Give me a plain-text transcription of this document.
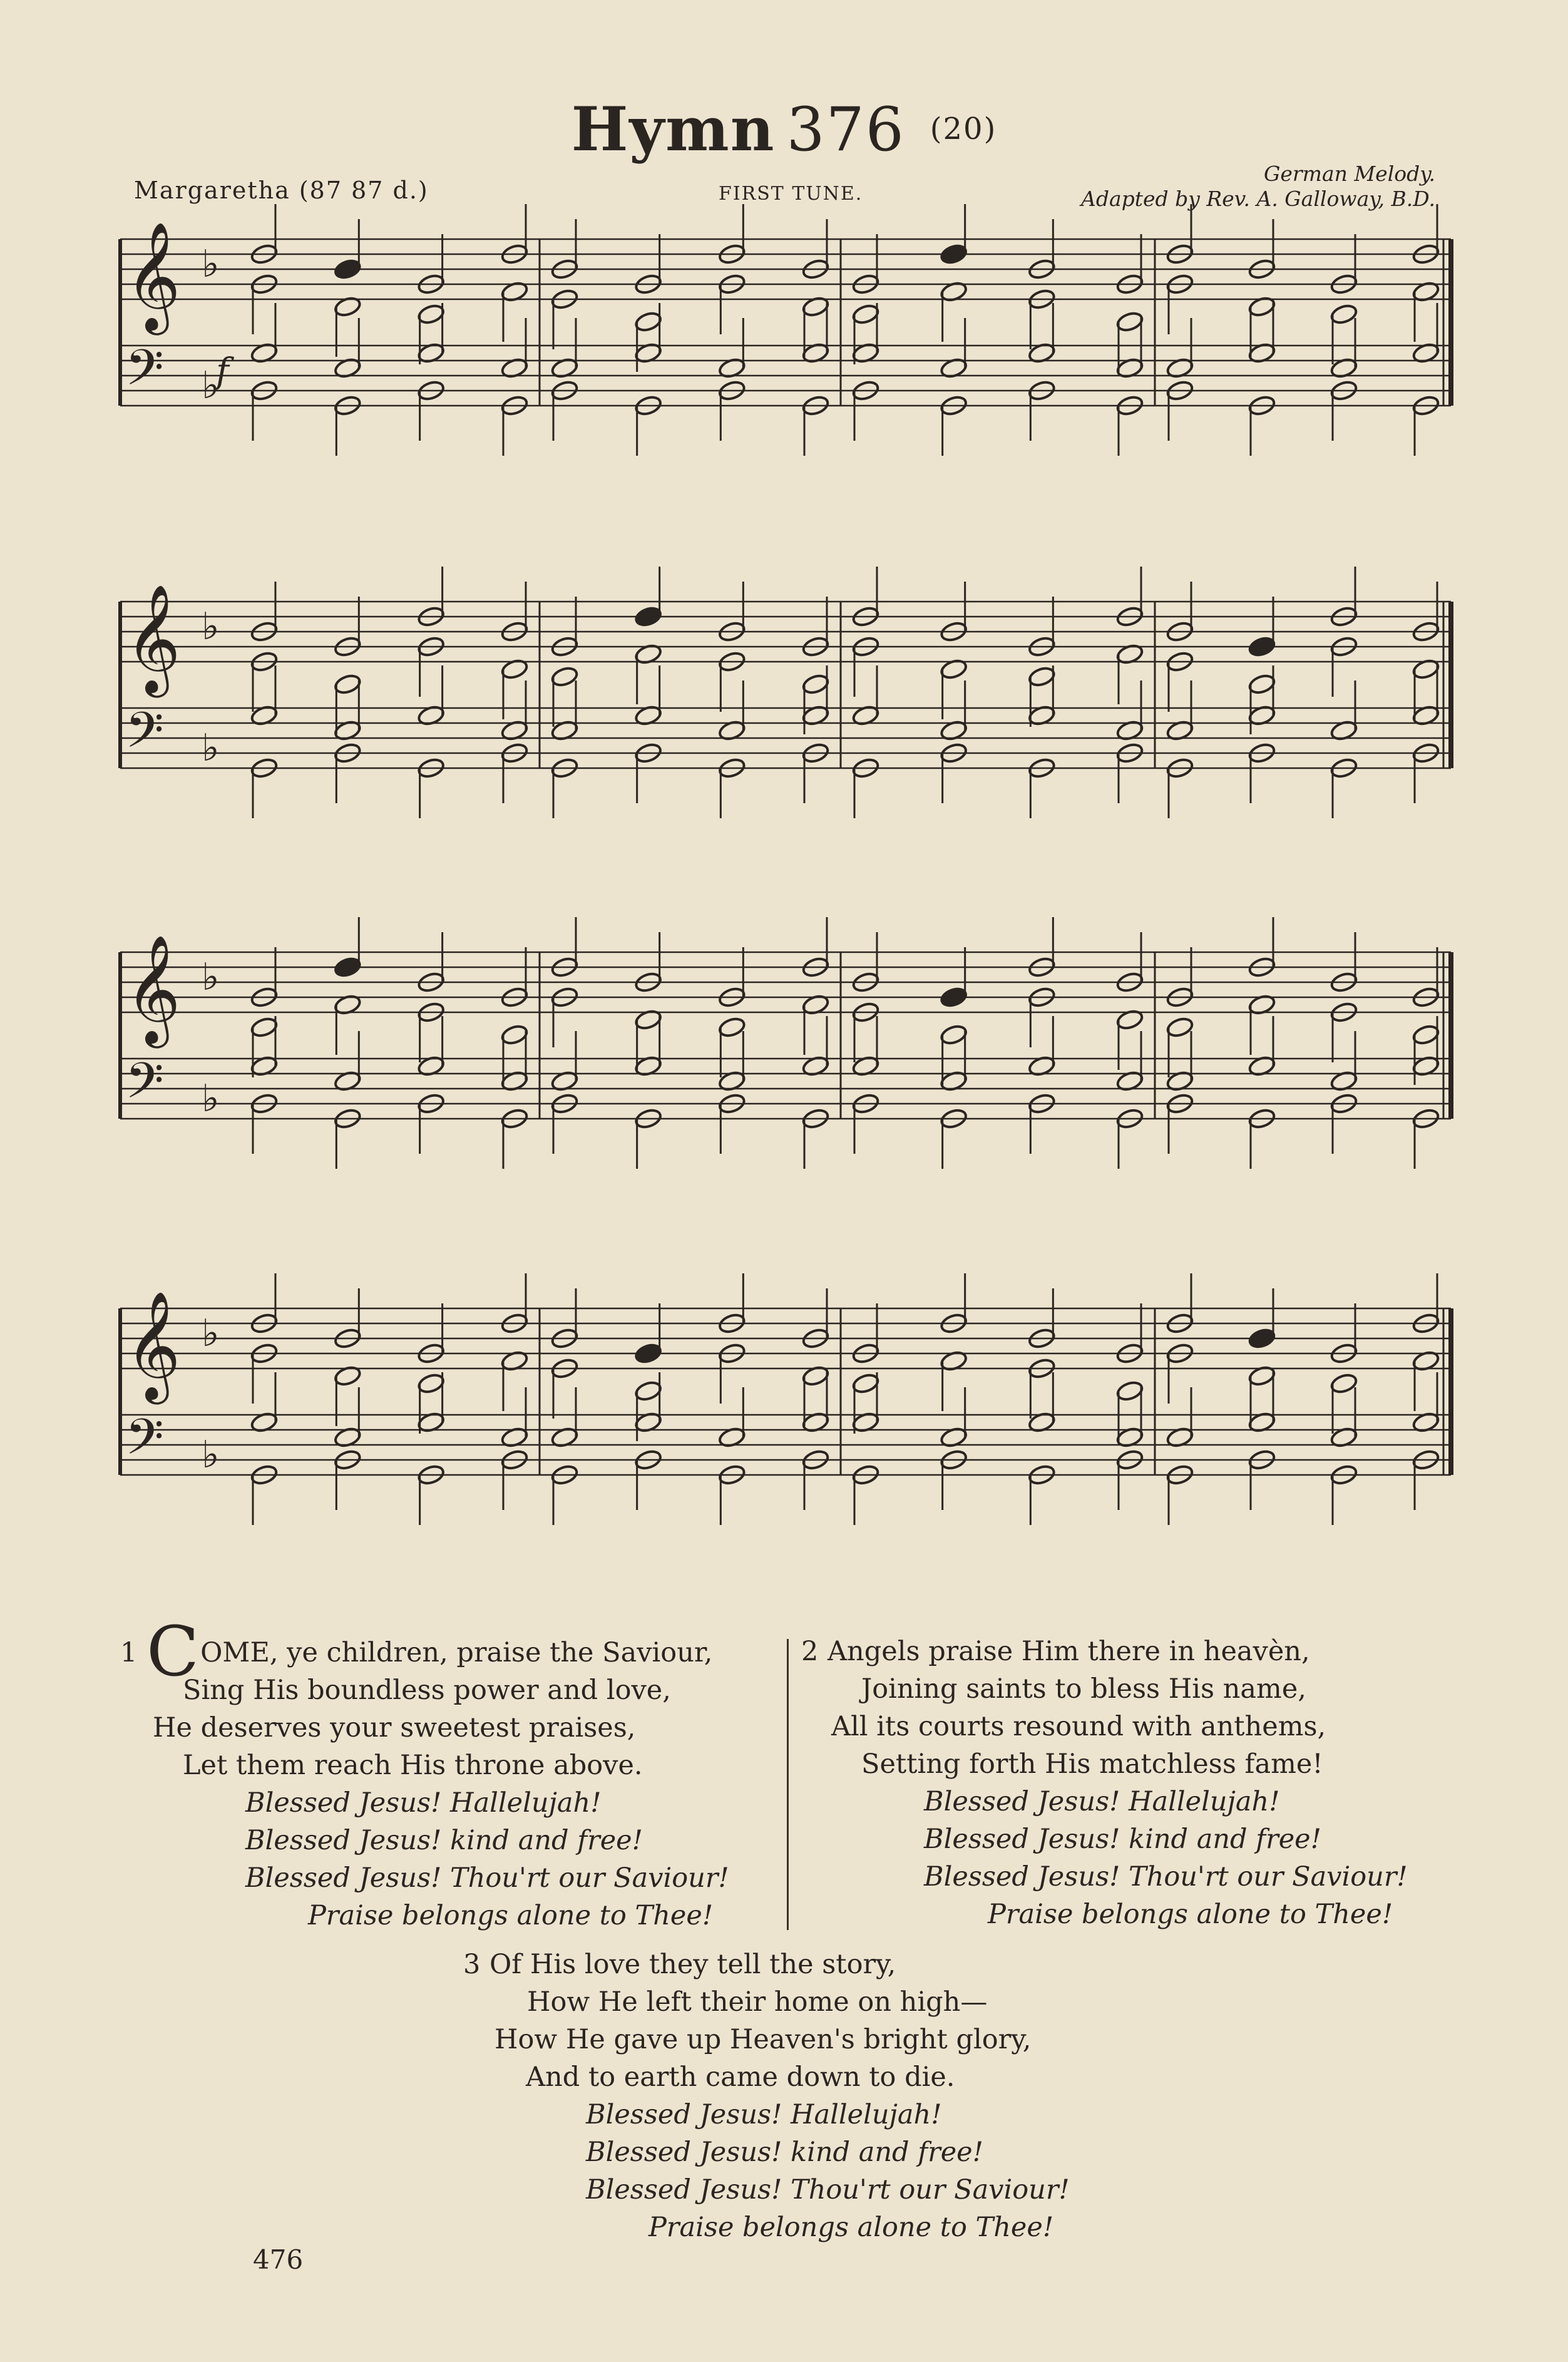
Hymn 376 (20)
Margaretha (87 87 d.)	FIRST TUNE.
German Melody.
Adapted by Rev. A. Galloway, B.D.
𝄞
𝄢
♭
♭
𝄞
𝄢
♭
♭
𝄞
𝄢
♭
♭
𝄞
𝄢
♭
♭
f
1 COME, ye children, praise the Saviour,
Sing His boundless power and love,
He deserves your sweetest praises,
Let them reach His throne above.
Blessed Jesus! Hallelujah!
Blessed Jesus! kind and free!
Blessed Jesus! Thou'rt our Saviour!
Praise belongs alone to Thee!
2 Angels praise Him there in heavèn,
Joining saints to bless His name,
All its courts resound with anthems,
Setting forth His matchless fame!
Blessed Jesus! Hallelujah!
Blessed Jesus! kind and free!
Blessed Jesus! Thou'rt our Saviour!
Praise belongs alone to Thee!
3 Of His love they tell the story,
How He left their home on high—
How He gave up Heaven's bright glory,
And to earth came down to die.
Blessed Jesus! Hallelujah!
Blessed Jesus! kind and free!
Blessed Jesus! Thou'rt our Saviour!
Praise belongs alone to Thee!
476
